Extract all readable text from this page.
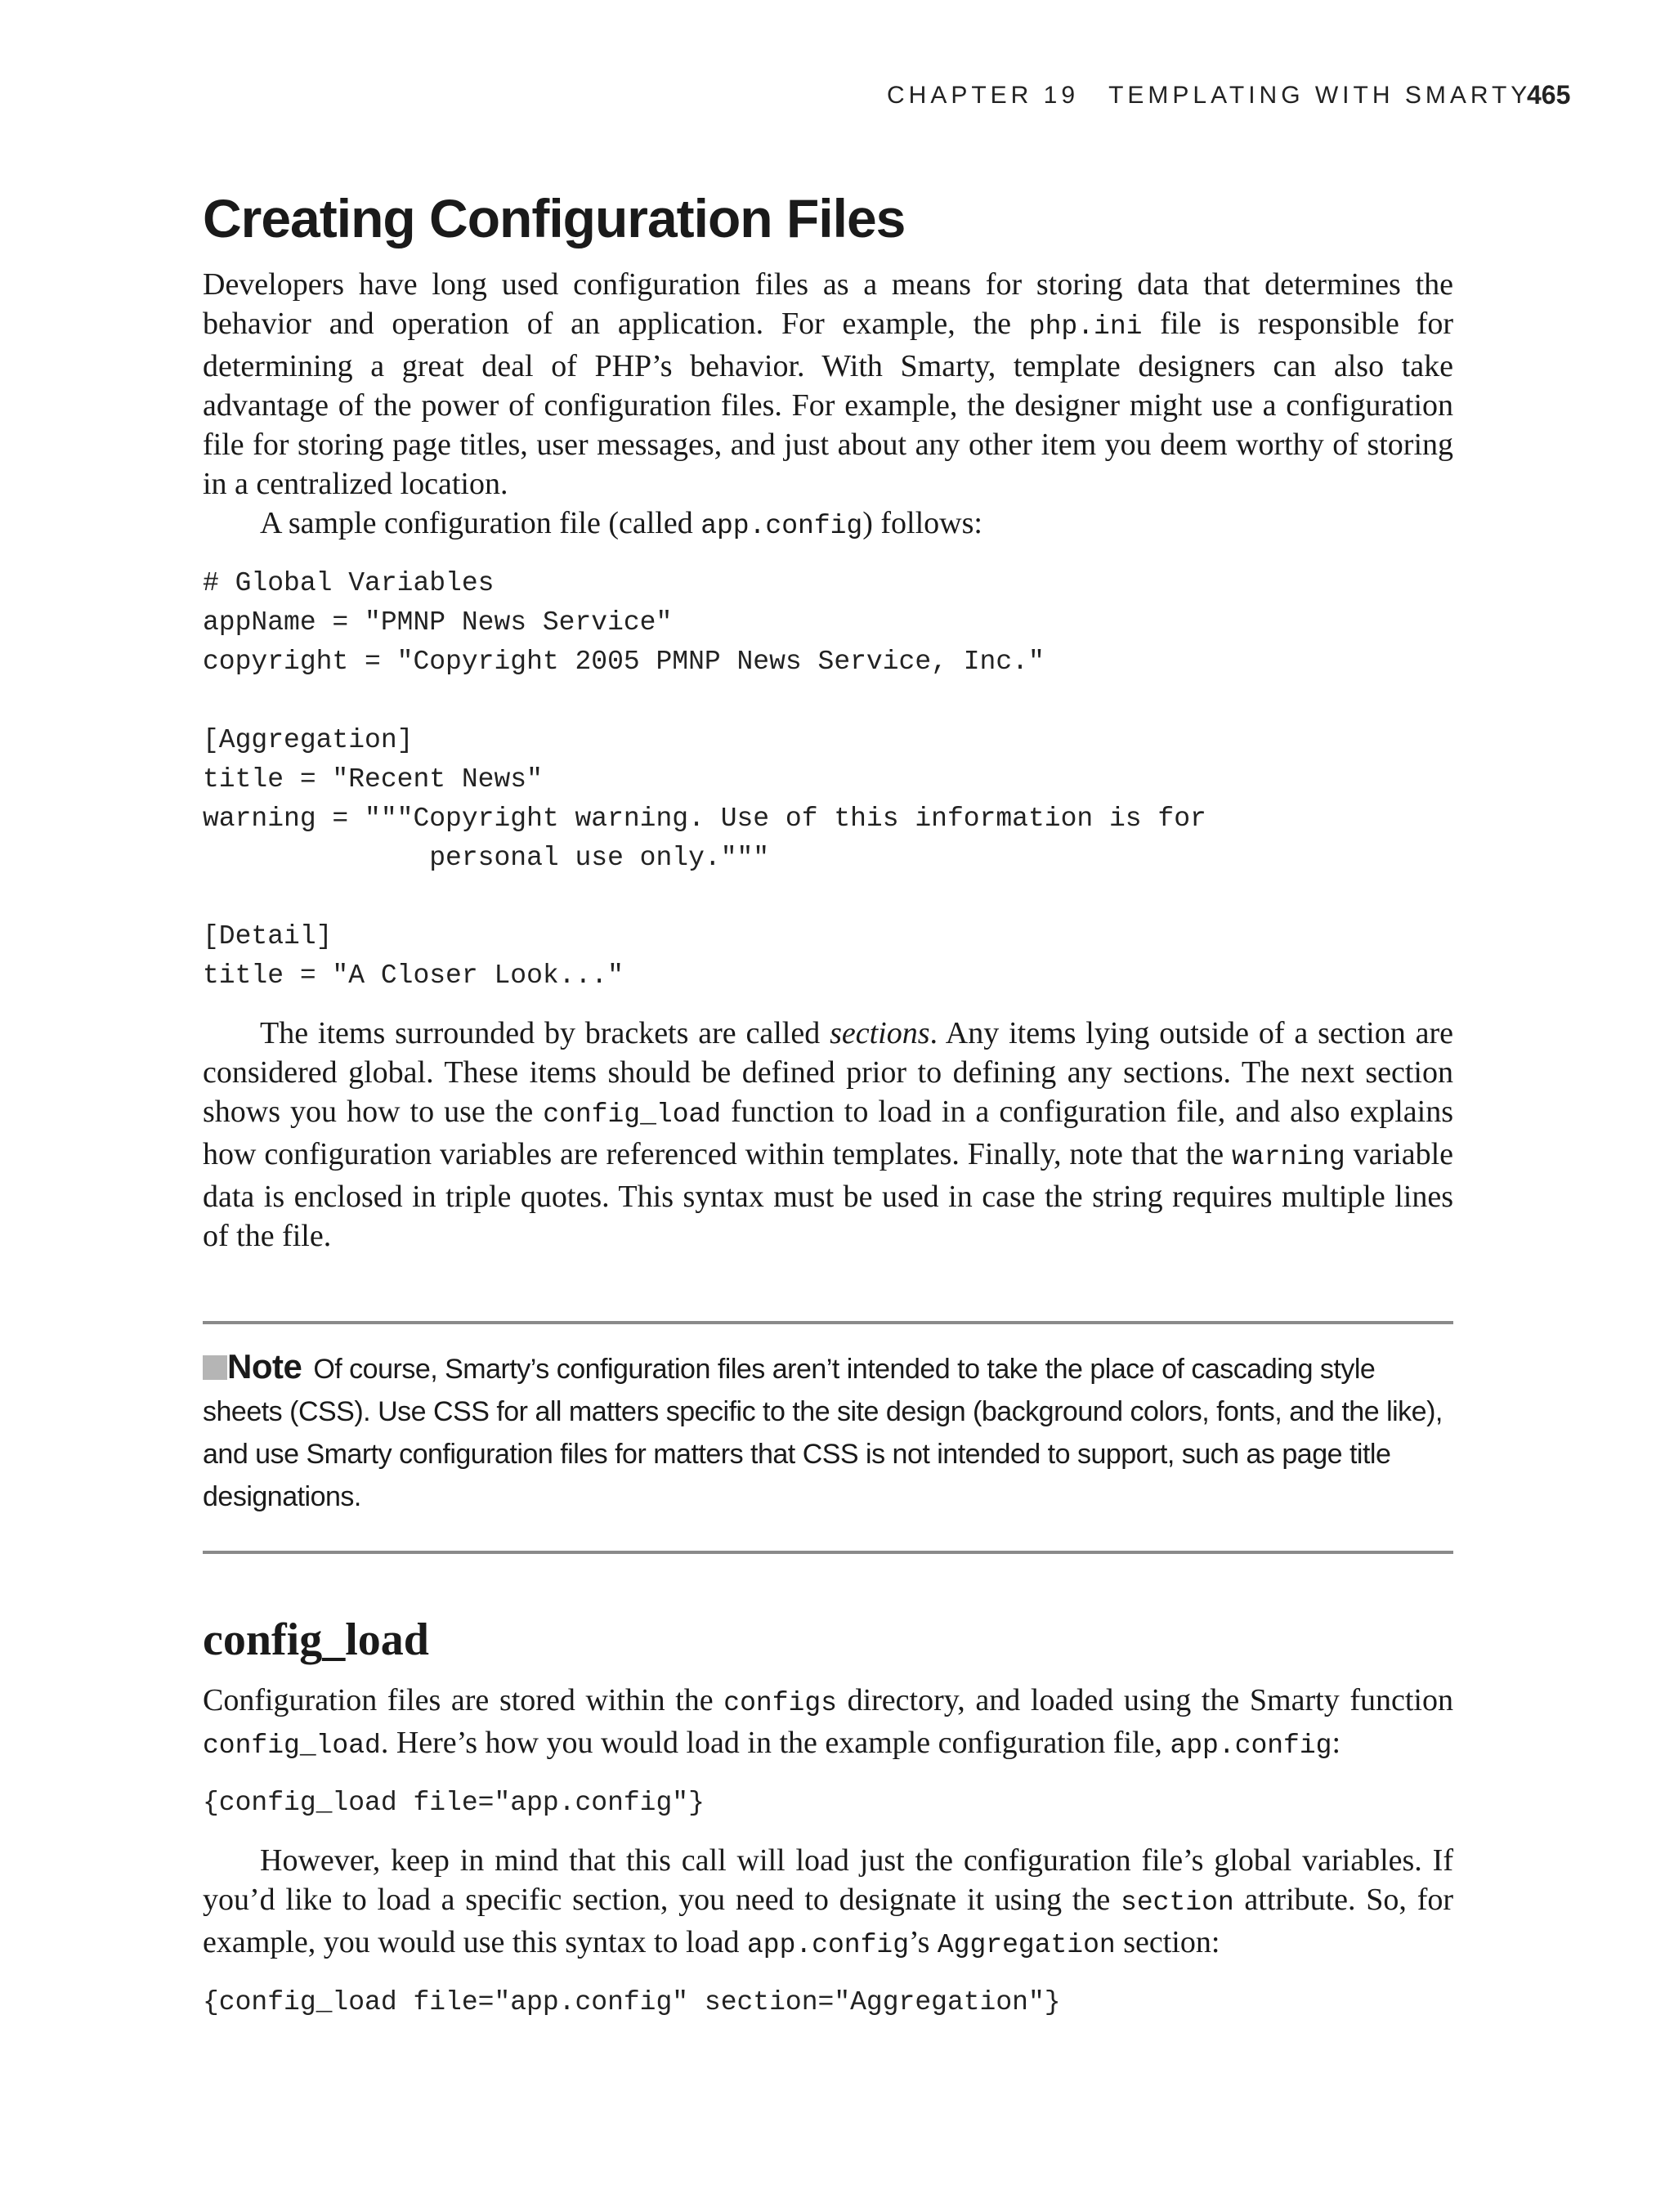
CHAPTER 19 TEMPLATING WITH SMARTY
465
Creating Configuration Files

Developers have long used configuration files as a means for storing data that determines the behavior and operation of an application. For example, the php.ini file is responsible for determining a great deal of PHP’s behavior. With Smarty, template designers can also take advantage of the power of configuration files. For example, the designer might use a configuration file for storing page titles, user messages, and just about any other item you deem worthy of storing in a centralized location.

A sample configuration file (called app.config) follows:

# Global Variables
appName = "PMNP News Service"
copyright = "Copyright 2005 PMNP News Service, Inc."

[Aggregation]
title = "Recent News"
warning = """Copyright warning. Use of this information is for
personal use only."""

[Detail]
title = "A Closer Look..."

The items surrounded by brackets are called sections. Any items lying outside of a section are considered global. These items should be defined prior to defining any sections. The next section shows you how to use the config_load function to load in a configuration file, and also explains how configuration variables are referenced within templates. Finally, note that the warning variable data is enclosed in triple quotes. This syntax must be used in case the string requires multiple lines of the file.

Note Of course, Smarty’s configuration files aren’t intended to take the place of cascading style sheets (CSS). Use CSS for all matters specific to the site design (background colors, fonts, and the like), and use Smarty configuration files for matters that CSS is not intended to support, such as page title designations.

config_load

Configuration files are stored within the configs directory, and loaded using the Smarty function config_load. Here’s how you would load in the example configuration file, app.config:

{config_load file="app.config"}

However, keep in mind that this call will load just the configuration file’s global variables. If you’d like to load a specific section, you need to designate it using the section attribute. So, for example, you would use this syntax to load app.config’s Aggregation section:

{config_load file="app.config" section="Aggregation"}
